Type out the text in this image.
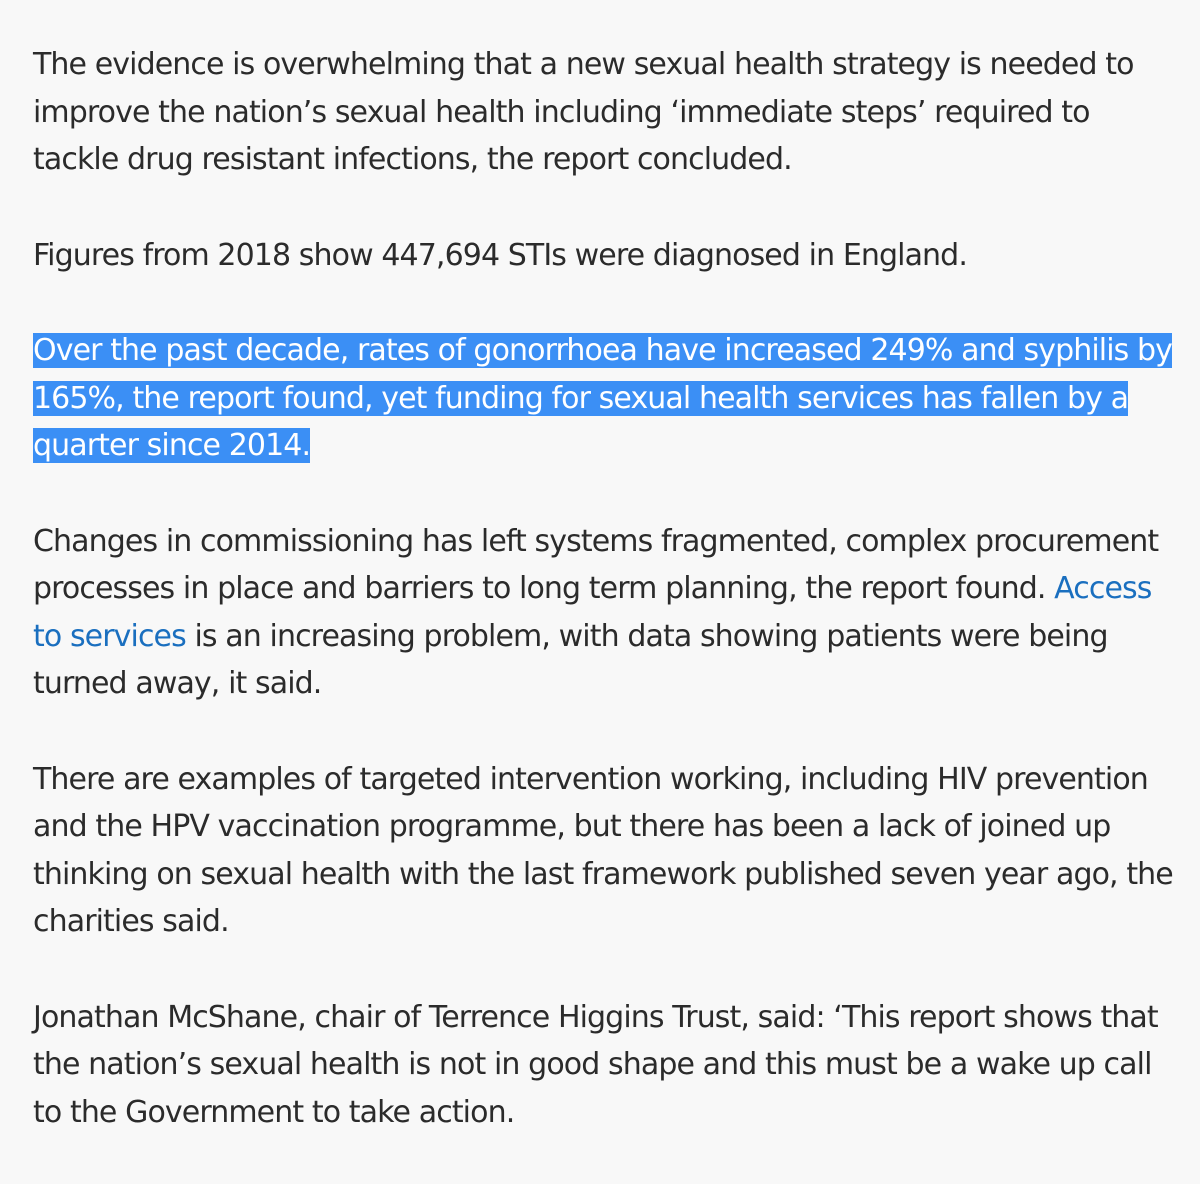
The evidence is overwhelming that a new sexual health strategy is needed to improve the nation’s sexual health including ‘immediate steps’ required to tackle drug resistant infections, the report concluded.

Figures from 2018 show 447,694 STIs were diagnosed in England.

Over the past decade, rates of gonorrhoea have increased 249% and syphilis by 165%, the report found, yet funding for sexual health services has fallen by a quarter since 2014.

Changes in commissioning has left systems fragmented, complex procurement processes in place and barriers to long term planning, the report found. Access to services is an increasing problem, with data showing patients were being turned away, it said.

There are examples of targeted intervention working, including HIV prevention and the HPV vaccination programme, but there has been a lack of joined up thinking on sexual health with the last framework published seven year ago, the charities said.

Jonathan McShane, chair of Terrence Higgins Trust, said: ‘This report shows that the nation’s sexual health is not in good shape and this must be a wake up call to the Government to take action.
